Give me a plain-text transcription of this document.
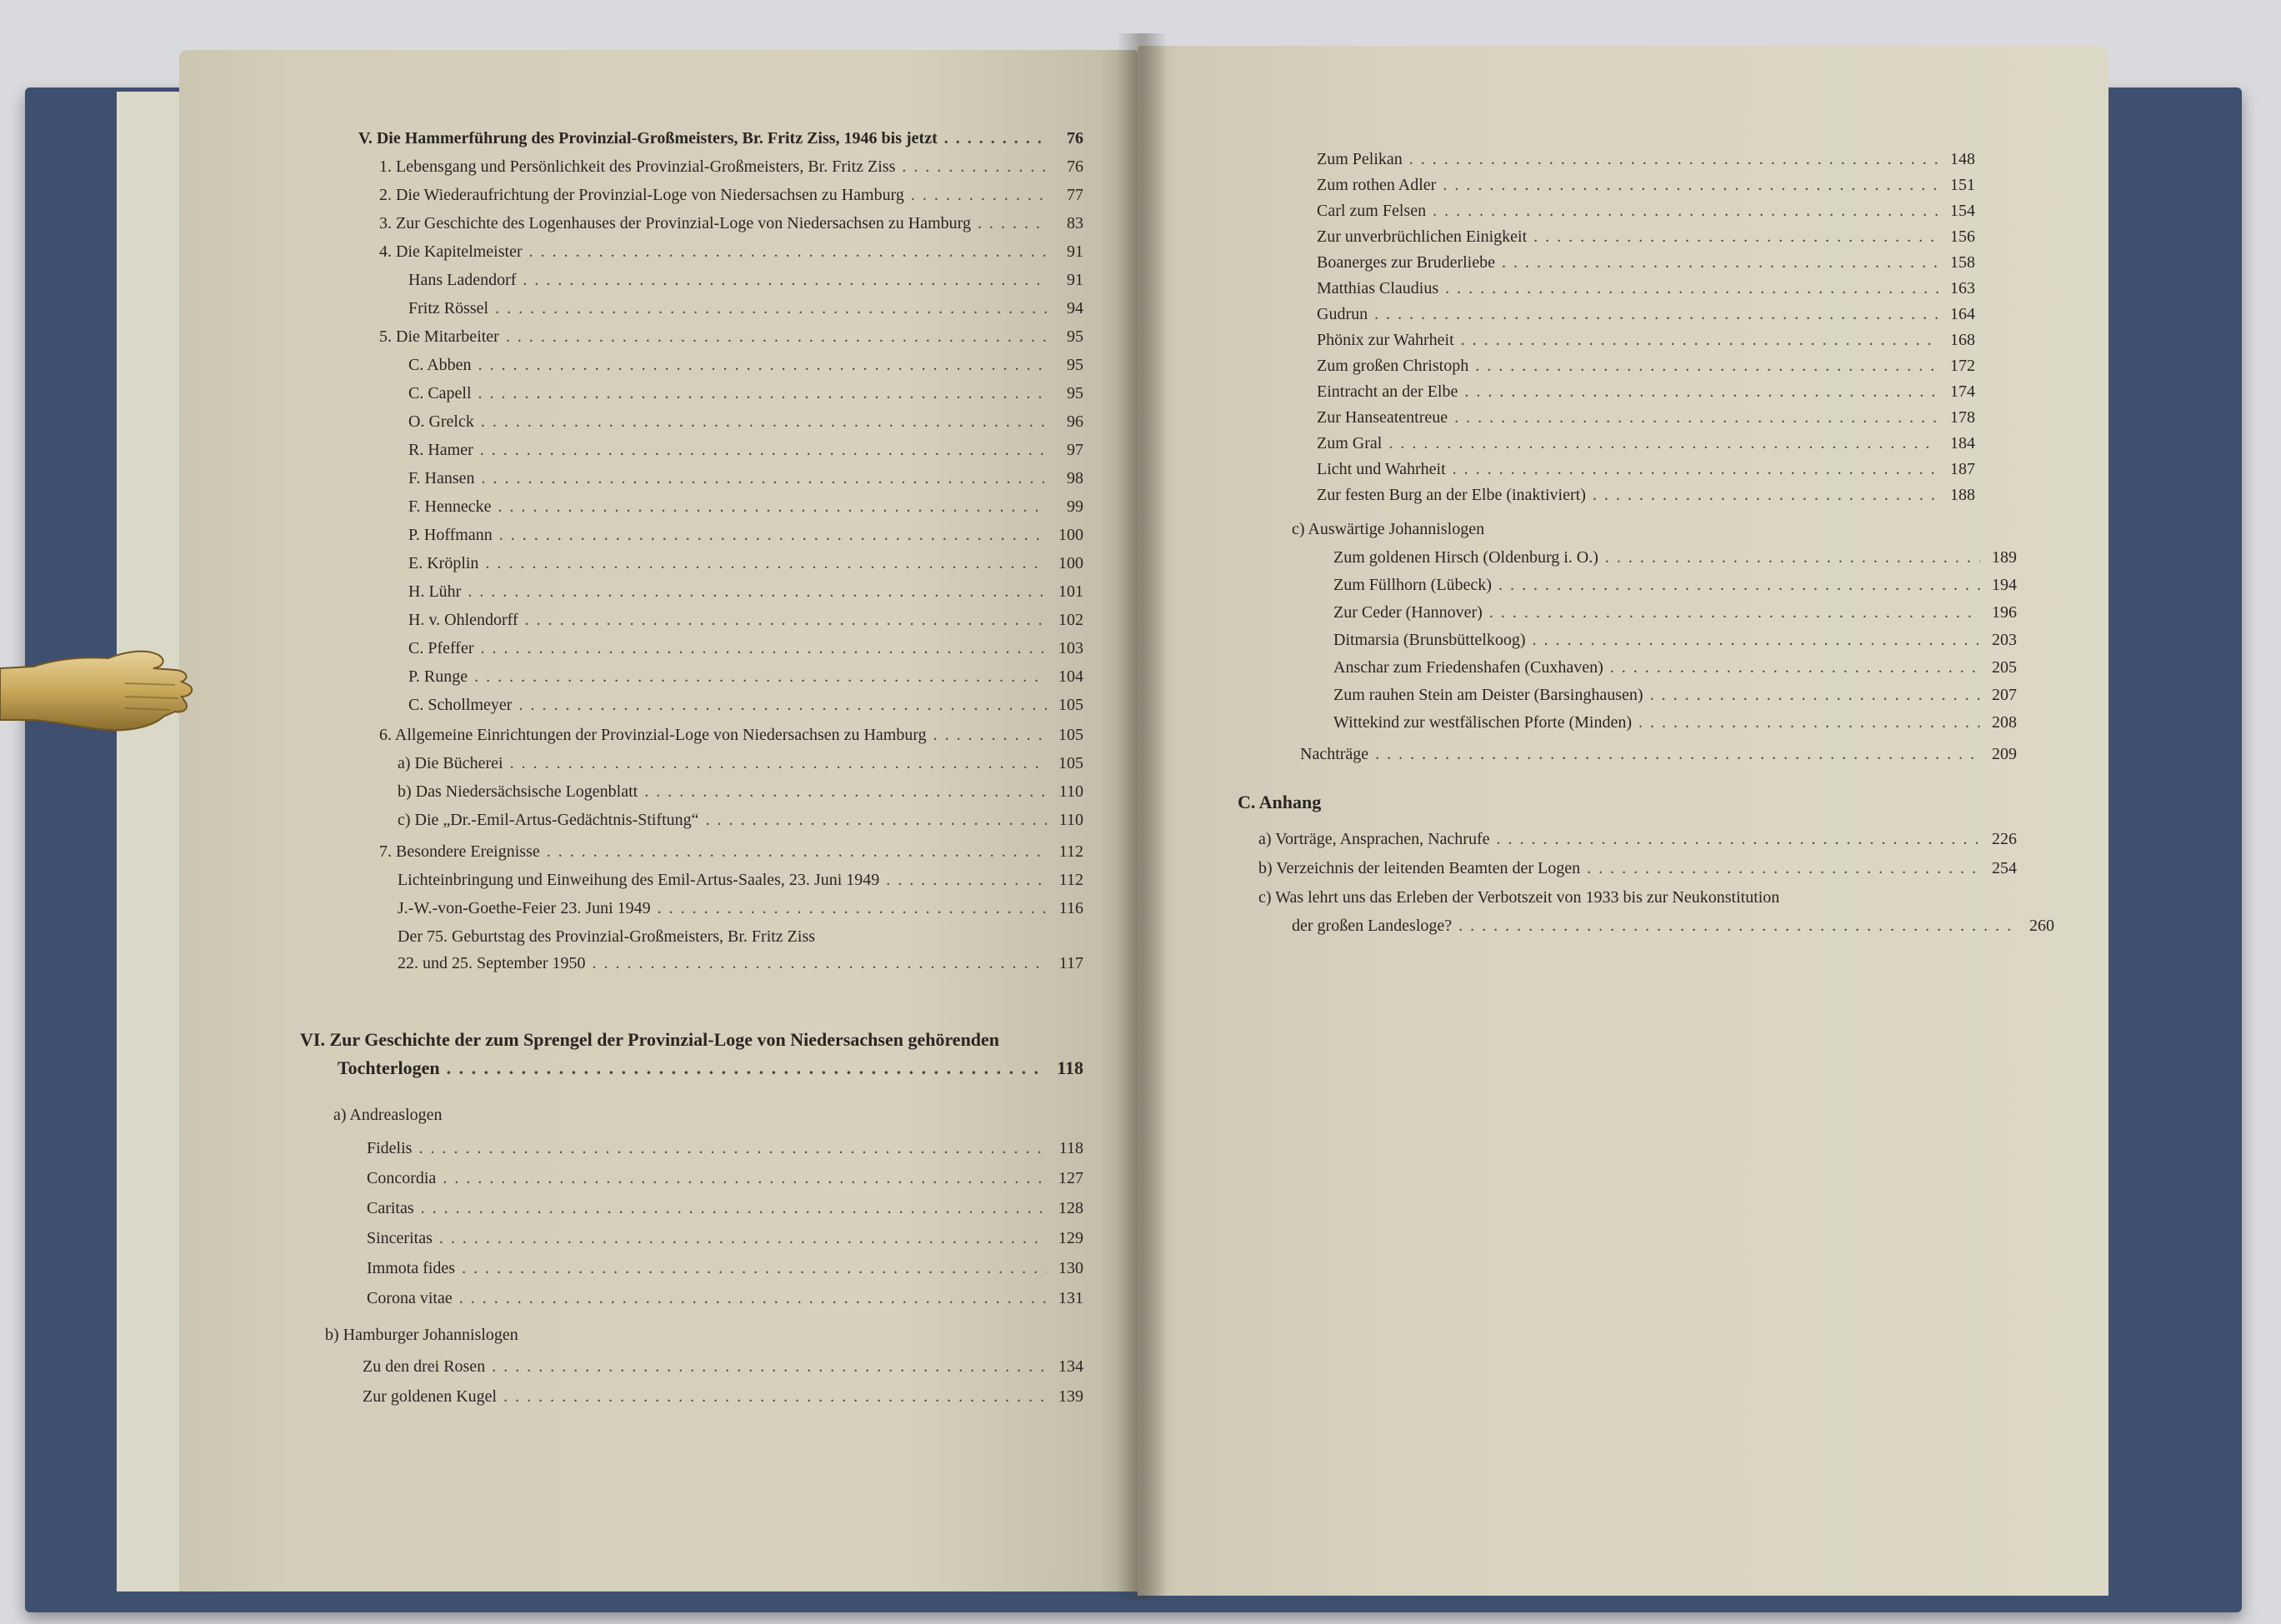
V. Die Hammerführung des Provinzial-Großmeisters, Br. Fritz Ziss, 1946 bis jetzt . . .	76
1. Lebensgang und Persönlichkeit des Provinzial-Großmeisters, Br. Fritz Ziss . . .	76
2. Die Wiederaufrichtung der Provinzial-Loge von Niedersachsen zu Hamburg . . .	77
3. Zur Geschichte des Logenhauses der Provinzial-Loge von Niedersachsen zu Hamburg . . .	83
4. Die Kapitelmeister . . .	91
Hans Ladendorf . . .	91
Fritz Rössel . . .	94
5. Die Mitarbeiter . . .	95
C. Abben . . .	95
C. Capell . . .	95
O. Grelck . . .	96
R. Hamer . . .	97
F. Hansen . . .	98
F. Hennecke . . .	99
P. Hoffmann . . .	100
E. Kröplin . . .	100
H. Lühr . . .	101
H. v. Ohlendorff . . .	102
C. Pfeffer . . .	103
P. Runge . . .	104
C. Schollmeyer . . .	105
6. Allgemeine Einrichtungen der Provinzial-Loge von Niedersachsen zu Hamburg . . .	105
a) Die Bücherei . . .	105
b) Das Niedersächsische Logenblatt . . .	110
c) Die „Dr.-Emil-Artus-Gedächtnis-Stiftung“ . . .	110
7. Besondere Ereignisse . . .	112
Lichteinbringung und Einweihung des Emil-Artus-Saales, 23. Juni 1949 . . .	112
J.-W.-von-Goethe-Feier 23. Juni 1949 . . .	116
Der 75. Geburtstag des Provinzial-Großmeisters, Br. Fritz Ziss
22. und 25. September 1950 . . .	117
VI. Zur Geschichte der zum Sprengel der Provinzial-Loge von Niedersachsen gehörenden
Tochterlogen . . .	118
a) Andreaslogen
Fidelis . . .	118
Concordia . . .	127
Caritas . . .	128
Sinceritas . . .	129
Immota fides . . .	130
Corona vitae . . .	131
b) Hamburger Johannislogen
Zu den drei Rosen . . .	134
Zur goldenen Kugel . . .	139
Zum Pelikan . . .	148
Zum rothen Adler . . .	151
Carl zum Felsen . . .	154
Zur unverbrüchlichen Einigkeit . . .	156
Boanerges zur Bruderliebe . . .	158
Matthias Claudius . . .	163
Gudrun . . .	164
Phönix zur Wahrheit . . .	168
Zum großen Christoph . . .	172
Eintracht an der Elbe . . .	174
Zur Hanseatentreue . . .	178
Zum Gral . . .	184
Licht und Wahrheit . . .	187
Zur festen Burg an der Elbe (inaktiviert) . . .	188
c) Auswärtige Johannislogen
Zum goldenen Hirsch (Oldenburg i. O.) . . .	189
Zum Füllhorn (Lübeck) . . .	194
Zur Ceder (Hannover) . . .	196
Ditmarsia (Brunsbüttelkoog) . . .	203
Anschar zum Friedenshafen (Cuxhaven) . . .	205
Zum rauhen Stein am Deister (Barsinghausen) . . .	207
Wittekind zur westfälischen Pforte (Minden) . . .	208
Nachträge . . .	209
C. Anhang
a) Vorträge, Ansprachen, Nachrufe . . .	226
b) Verzeichnis der leitenden Beamten der Logen . . .	254
c) Was lehrt uns das Erleben der Verbotszeit von 1933 bis zur Neukonstitution
der großen Landesloge? . . .	260
